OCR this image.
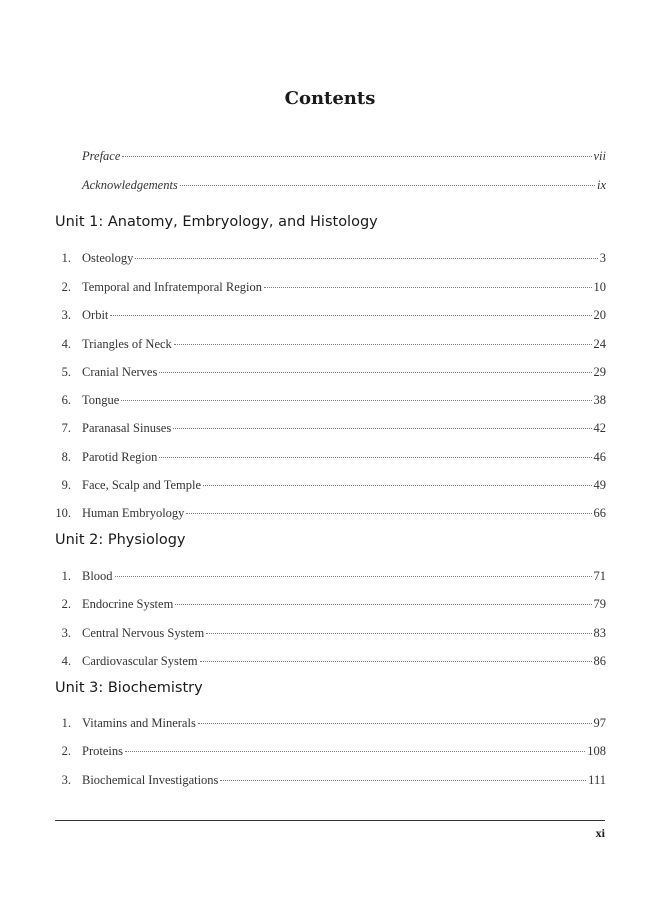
Contents
Preface	vii
Acknowledgements	ix
Unit 1: Anatomy, Embryology, and Histology
1. Osteology	3
2. Temporal and Infratemporal Region	10
3. Orbit	20
4. Triangles of Neck	24
5. Cranial Nerves	29
6. Tongue	38
7. Paranasal Sinuses	42
8. Parotid Region	46
9. Face, Scalp and Temple	49
10. Human Embryology	66
Unit 2: Physiology
1. Blood	71
2. Endocrine System	79
3. Central Nervous System	83
4. Cardiovascular System	86
Unit 3: Biochemistry
1. Vitamins and Minerals	97
2. Proteins	108
3. Biochemical Investigations	111
xi
